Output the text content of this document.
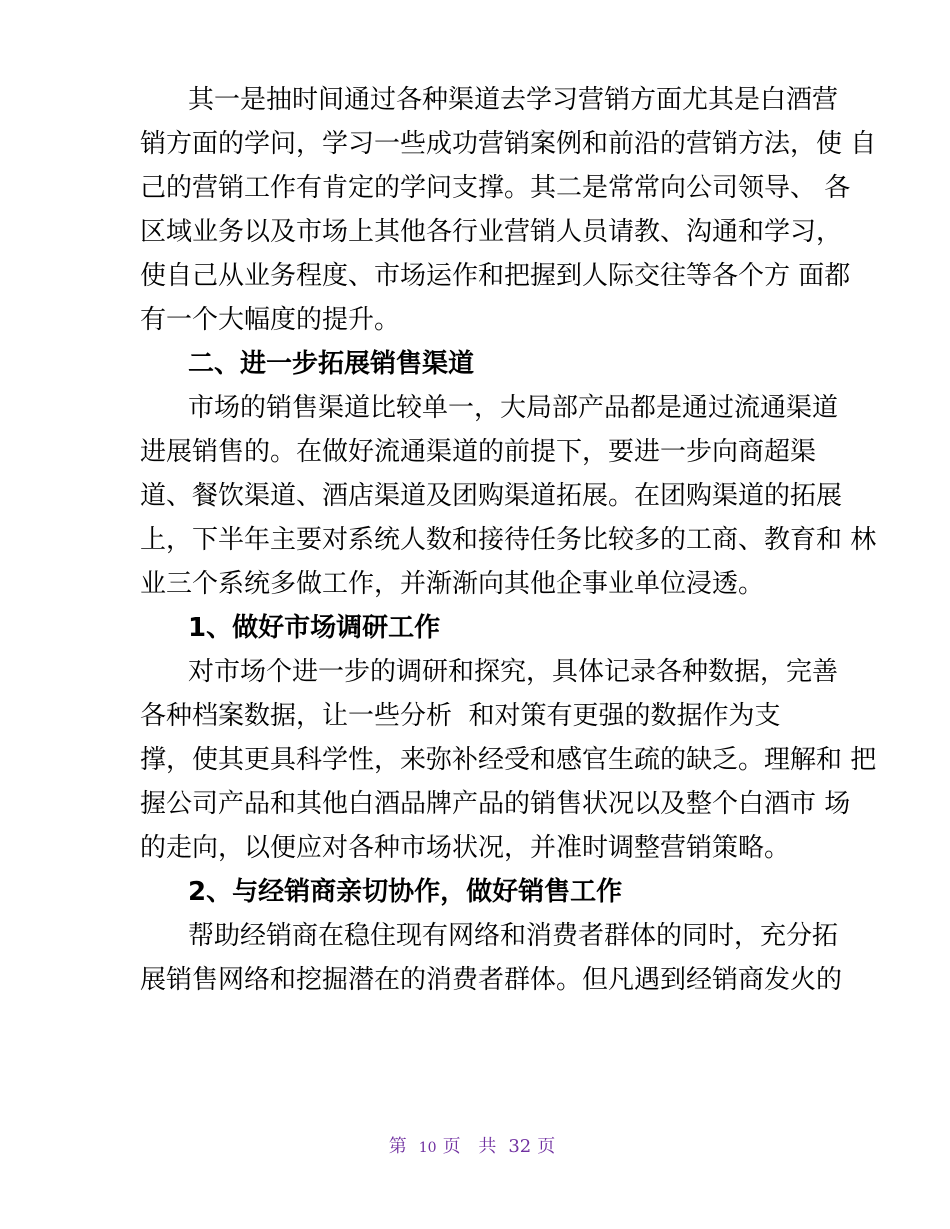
其一是抽时间通过各种渠道去学习营销方面尤其是白酒营
销方面的学问，学习一些成功营销案例和前沿的营销方法，使 自
己的营销工作有肯定的学问支撑。其二是常常向公司领导、 各
区域业务以及市场上其他各行业营销人员请教、沟通和学习，
使自己从业务程度、市场运作和把握到人际交往等各个方 面都
有一个大幅度的提升。
二、进一步拓展销售渠道
市场的销售渠道比较单一，大局部产品都是通过流通渠道
进展销售的。在做好流通渠道的前提下，要进一步向商超渠
道、餐饮渠道、酒店渠道及团购渠道拓展。在团购渠道的拓展
上，下半年主要对系统人数和接待任务比较多的工商、教育和 林
业三个系统多做工作，并渐渐向其他企事业单位浸透。
1、做好市场调研工作
对市场个进一步的调研和探究，具体记录各种数据，完善
各种档案数据，让一些分析  和对策有更强的数据作为支
撑，使其更具科学性，来弥补经受和感官生疏的缺乏。理解和 把
握公司产品和其他白酒品牌产品的销售状况以及整个白酒市 场
的走向，以便应对各种市场状况，并准时调整营销策略。
2、与经销商亲切协作，做好销售工作
帮助经销商在稳住现有网络和消费者群体的同时，充分拓
展销售网络和挖掘潜在的消费者群体。但凡遇到经销商发火的
第 10 页 共 32 页
